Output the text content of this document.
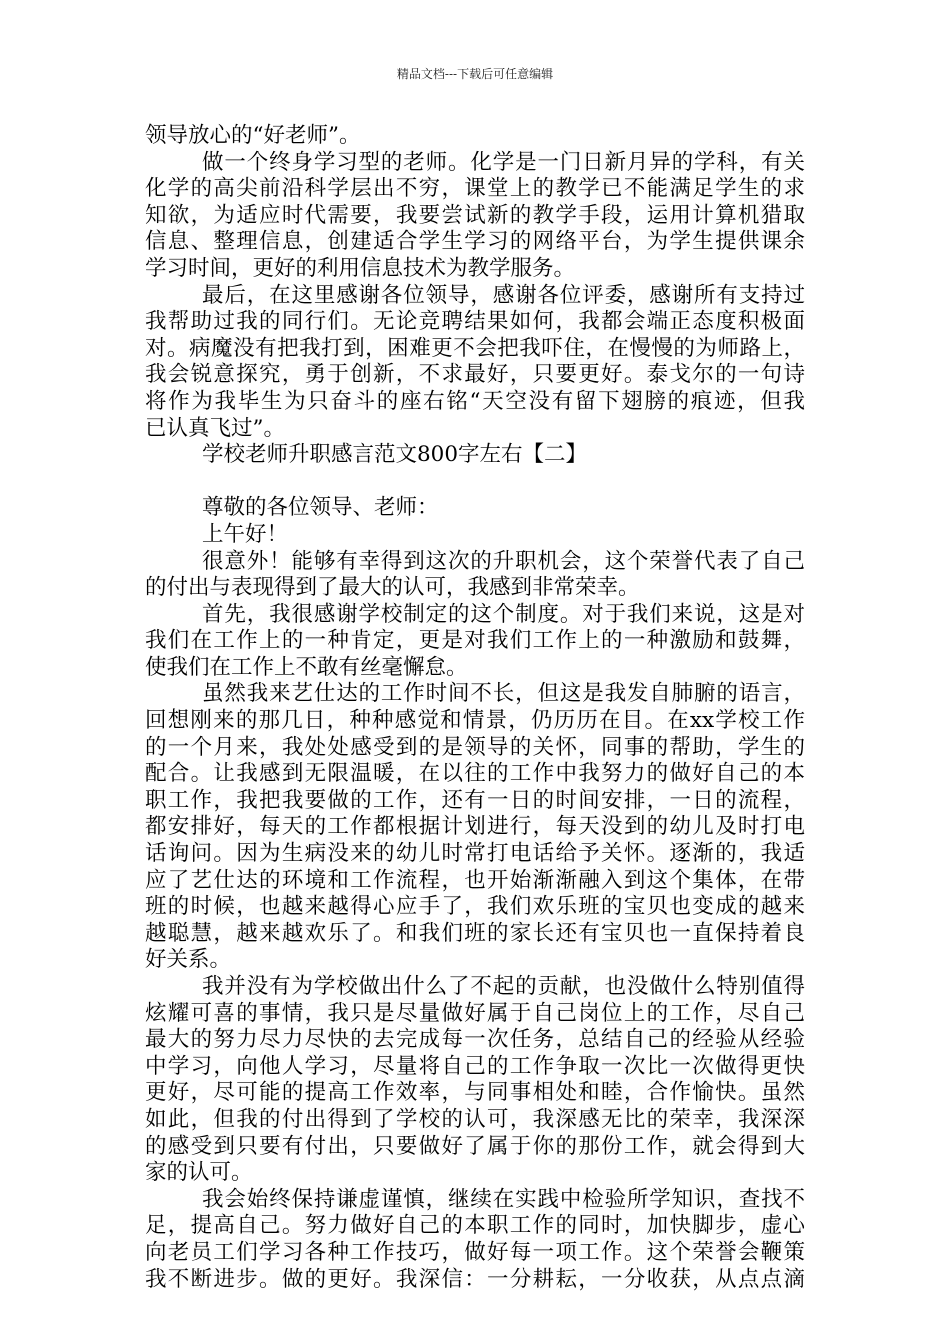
精品文档---下载后可任意编辑
领导放心的“好老师”。
做一个终身学习型的老师。化学是一门日新月异的学科，有关
化学的高尖前沿科学层出不穷，课堂上的教学已不能满足学生的求
知欲，为适应时代需要，我要尝试新的教学手段，运用计算机猎取
信息、整理信息，创建适合学生学习的网络平台，为学生提供课余
学习时间，更好的利用信息技术为教学服务。
最后，在这里感谢各位领导，感谢各位评委，感谢所有支持过
我帮助过我的同行们。无论竞聘结果如何，我都会端正态度积极面
对。病魔没有把我打到，困难更不会把我吓住，在慢慢的为师路上，
我会锐意探究，勇于创新，不求最好，只要更好。泰戈尔的一句诗
将作为我毕生为只奋斗的座右铭“天空没有留下翅膀的痕迹，但我
已认真飞过”。
学校老师升职感言范文800字左右【二】
尊敬的各位领导、老师：
上午好！
很意外！能够有幸得到这次的升职机会，这个荣誉代表了自己
的付出与表现得到了最大的认可，我感到非常荣幸。
首先，我很感谢学校制定的这个制度。对于我们来说，这是对
我们在工作上的一种肯定，更是对我们工作上的一种激励和鼓舞，
使我们在工作上不敢有丝毫懈怠。
虽然我来艺仕达的工作时间不长，但这是我发自肺腑的语言，
回想刚来的那几日，种种感觉和情景，仍历历在目。在xx学校工作
的一个月来，我处处感受到的是领导的关怀，同事的帮助，学生的
配合。让我感到无限温暖，在以往的工作中我努力的做好自己的本
职工作，我把我要做的工作，还有一日的时间安排，一日的流程，
都安排好，每天的工作都根据计划进行，每天没到的幼儿及时打电
话询问。因为生病没来的幼儿时常打电话给予关怀。逐渐的，我适
应了艺仕达的环境和工作流程，也开始渐渐融入到这个集体，在带
班的时候，也越来越得心应手了，我们欢乐班的宝贝也变成的越来
越聪慧，越来越欢乐了。和我们班的家长还有宝贝也一直保持着良
好关系。
我并没有为学校做出什么了不起的贡献，也没做什么特别值得
炫耀可喜的事情，我只是尽量做好属于自己岗位上的工作，尽自己
最大的努力尽力尽快的去完成每一次任务，总结自己的经验从经验
中学习，向他人学习，尽量将自己的工作争取一次比一次做得更快
更好，尽可能的提高工作效率，与同事相处和睦，合作愉快。虽然
如此，但我的付出得到了学校的认可，我深感无比的荣幸，我深深
的感受到只要有付出，只要做好了属于你的那份工作，就会得到大
家的认可。
我会始终保持谦虚谨慎，继续在实践中检验所学知识，查找不
足，提高自己。努力做好自己的本职工作的同时，加快脚步，虚心
向老员工们学习各种工作技巧，做好每一项工作。这个荣誉会鞭策
我不断进步。做的更好。我深信：一分耕耘，一分收获，从点点滴
